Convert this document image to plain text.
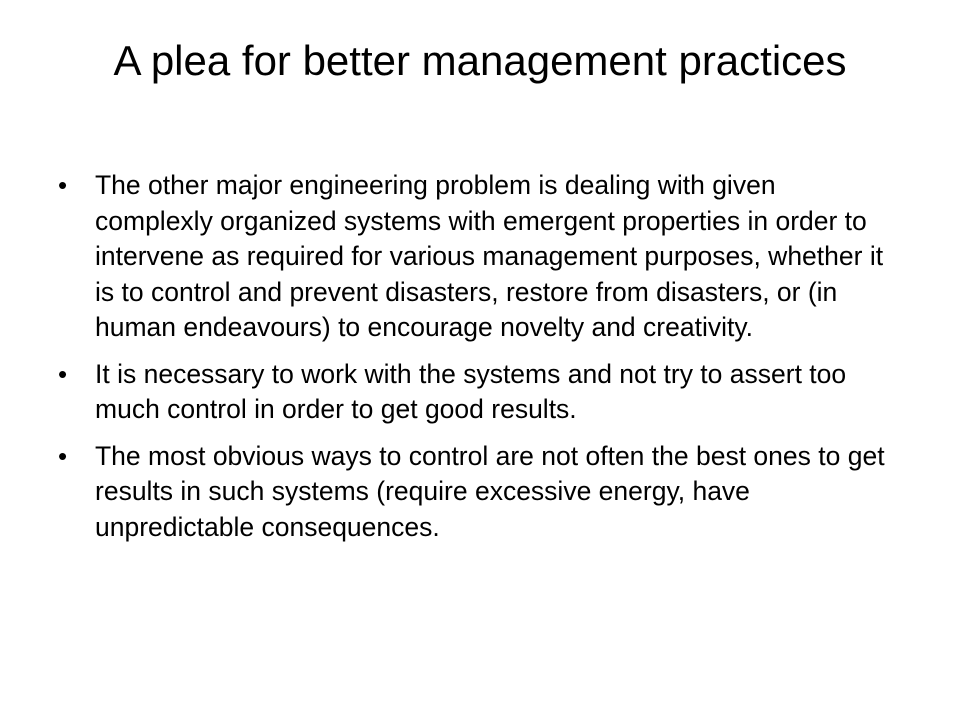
A plea for better management practices
•	The other major engineering problem is dealing with given complexly organized systems with emergent properties in order to intervene as required for various management purposes, whether it is to control and prevent disasters, restore from disasters, or (in human endeavours) to encourage novelty and creativity.
•	It is necessary to work with the systems and not try to assert too much control in order to get good results.
•	The most obvious ways to control are not often the best ones to get results in such systems (require excessive energy, have unpredictable consequences.
